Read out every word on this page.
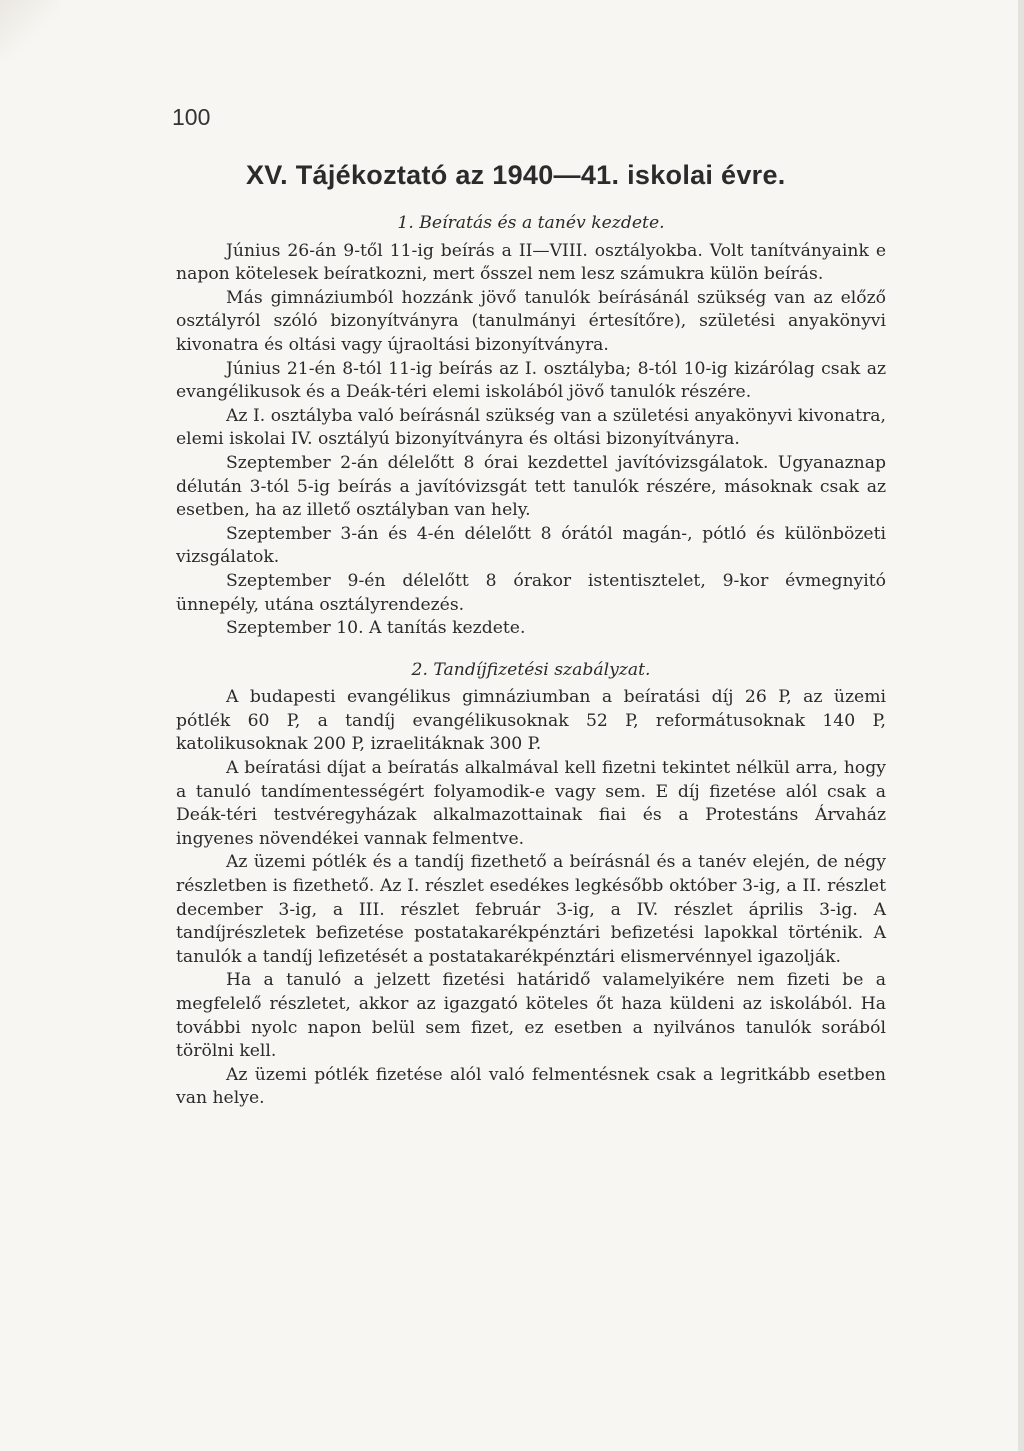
100
XV. Tájékoztató az 1940—41. iskolai évre.
1. Beíratás és a tanév kezdete.

Június 26-án 9-től 11-ig beírás a II—VIII. osztályokba. Volt tanítványaink e napon kötelesek beíratkozni, mert ősszel nem lesz számukra külön beírás.

Más gimnáziumból hozzánk jövő tanulók beírásánál szükség van az előző osztályról szóló bizonyítványra (tanulmányi értesítőre), születési anyakönyvi kivonatra és oltási vagy újraoltási bizonyítványra.

Június 21-én 8-tól 11-ig beírás az I. osztályba; 8-tól 10-ig kizárólag csak az evangélikusok és a Deák-téri elemi iskolából jövő tanulók részére.

Az I. osztályba való beírásnál szükség van a születési anyakönyvi kivonatra, elemi iskolai IV. osztályú bizonyítványra és oltási bizonyítványra.

Szeptember 2-án délelőtt 8 órai kezdettel javítóvizsgálatok. Ugyanaznap délután 3-tól 5-ig beírás a javítóvizsgát tett tanulók részére, másoknak csak az esetben, ha az illető osztályban van hely.

Szeptember 3-án és 4-én délelőtt 8 órától magán-, pótló és különbözeti vizsgálatok.

Szeptember 9-én délelőtt 8 órakor istentisztelet, 9-kor évmegnyitó ünnepély, utána osztályrendezés.

Szeptember 10. A tanítás kezdete.

2. Tandíjfizetési szabályzat.

A budapesti evangélikus gimnáziumban a beíratási díj 26 P, az üzemi pótlék 60 P, a tandíj evangélikusoknak 52 P, reformátusoknak 140 P, katolikusoknak 200 P, izraelitáknak 300 P.

A beíratási díjat a beíratás alkalmával kell fizetni tekintet nélkül arra, hogy a tanuló tandímentességért folyamodik-e vagy sem. E díj fizetése alól csak a Deák-téri testvéregyházak alkalmazottainak fiai és a Protestáns Árvaház ingyenes növendékei vannak felmentve.

Az üzemi pótlék és a tandíj fizethető a beírásnál és a tanév elején, de négy részletben is fizethető. Az I. részlet esedékes legkésőbb október 3-ig, a II. részlet december 3-ig, a III. részlet február 3-ig, a IV. részlet április 3-ig. A tandíjrészletek befizetése postatakarékpénztári befizetési lapokkal történik. A tanulók a tandíj lefizetését a postatakarékpénztári elismervénnyel igazolják.

Ha a tanuló a jelzett fizetési határidő valamelyikére nem fizeti be a megfelelő részletet, akkor az igazgató köteles őt haza küldeni az iskolából. Ha további nyolc napon belül sem fizet, ez esetben a nyilvános tanulók sorából törölni kell.

Az üzemi pótlék fizetése alól való felmentésnek csak a legritkább esetben van helye.
